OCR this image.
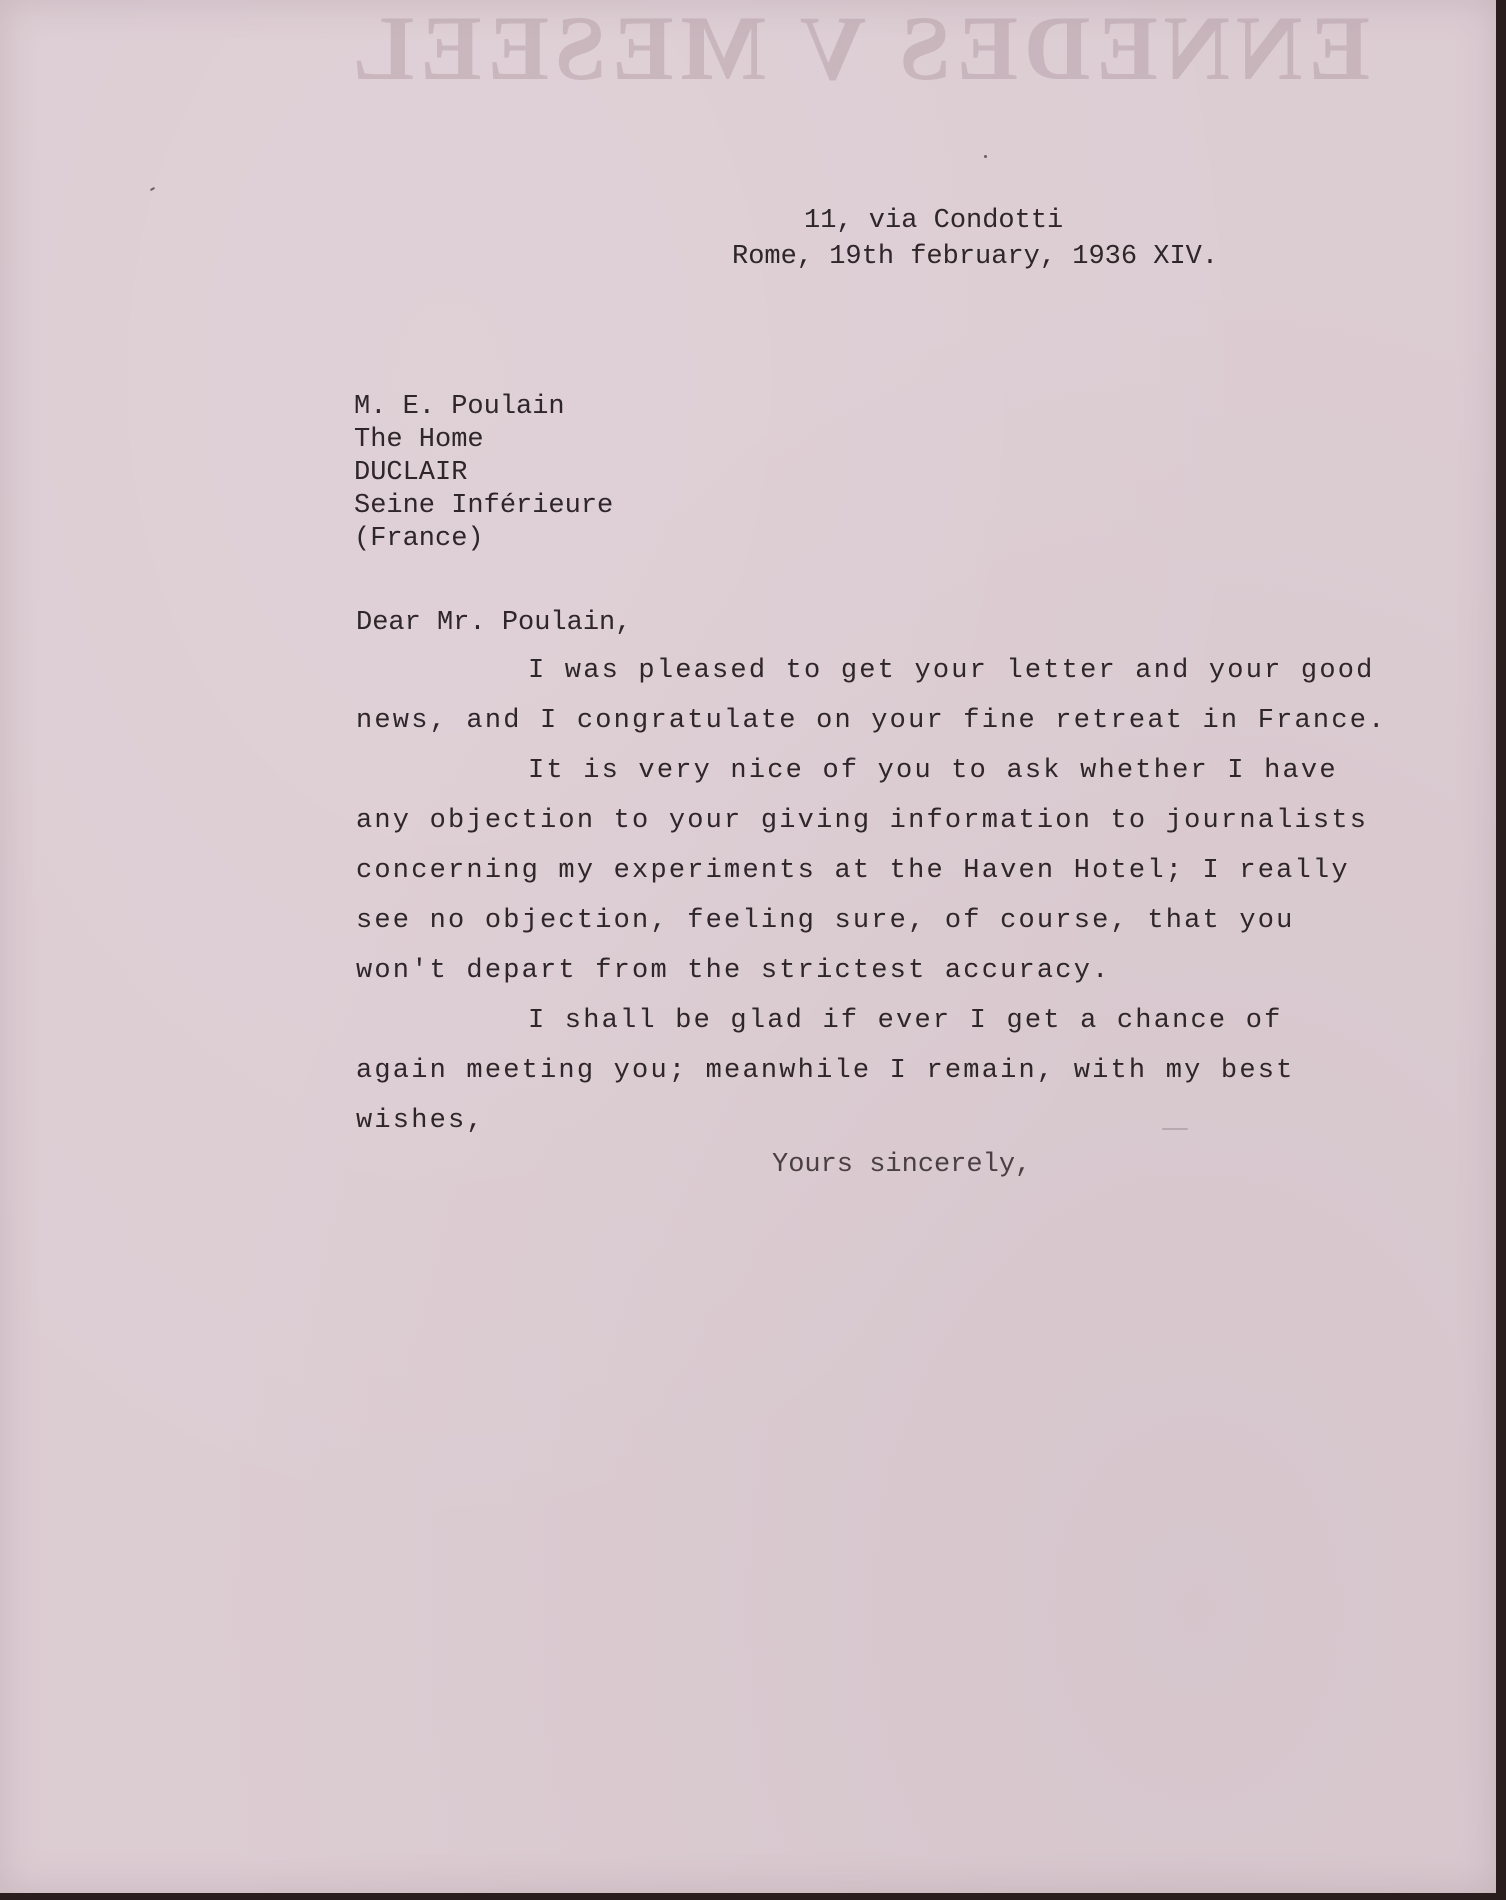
ENNEDES V MESEEL
11, via Condotti
Rome, 19th february, 1936 XIV.
M. E. Poulain
The Home
DUCLAIR
Seine Inférieure
(France)
Dear Mr. Poulain,
I was pleased to get your letter and your good
news, and I congratulate on your fine retreat in France.
It is very nice of you to ask whether I have
any objection to your giving information to journalists
concerning my experiments at the Haven Hotel; I really
see no objection, feeling sure, of course, that you
won't depart from the strictest accuracy.
I shall be glad if ever I get a chance of
again meeting you; meanwhile I remain, with my best
wishes,
Yours sincerely,
